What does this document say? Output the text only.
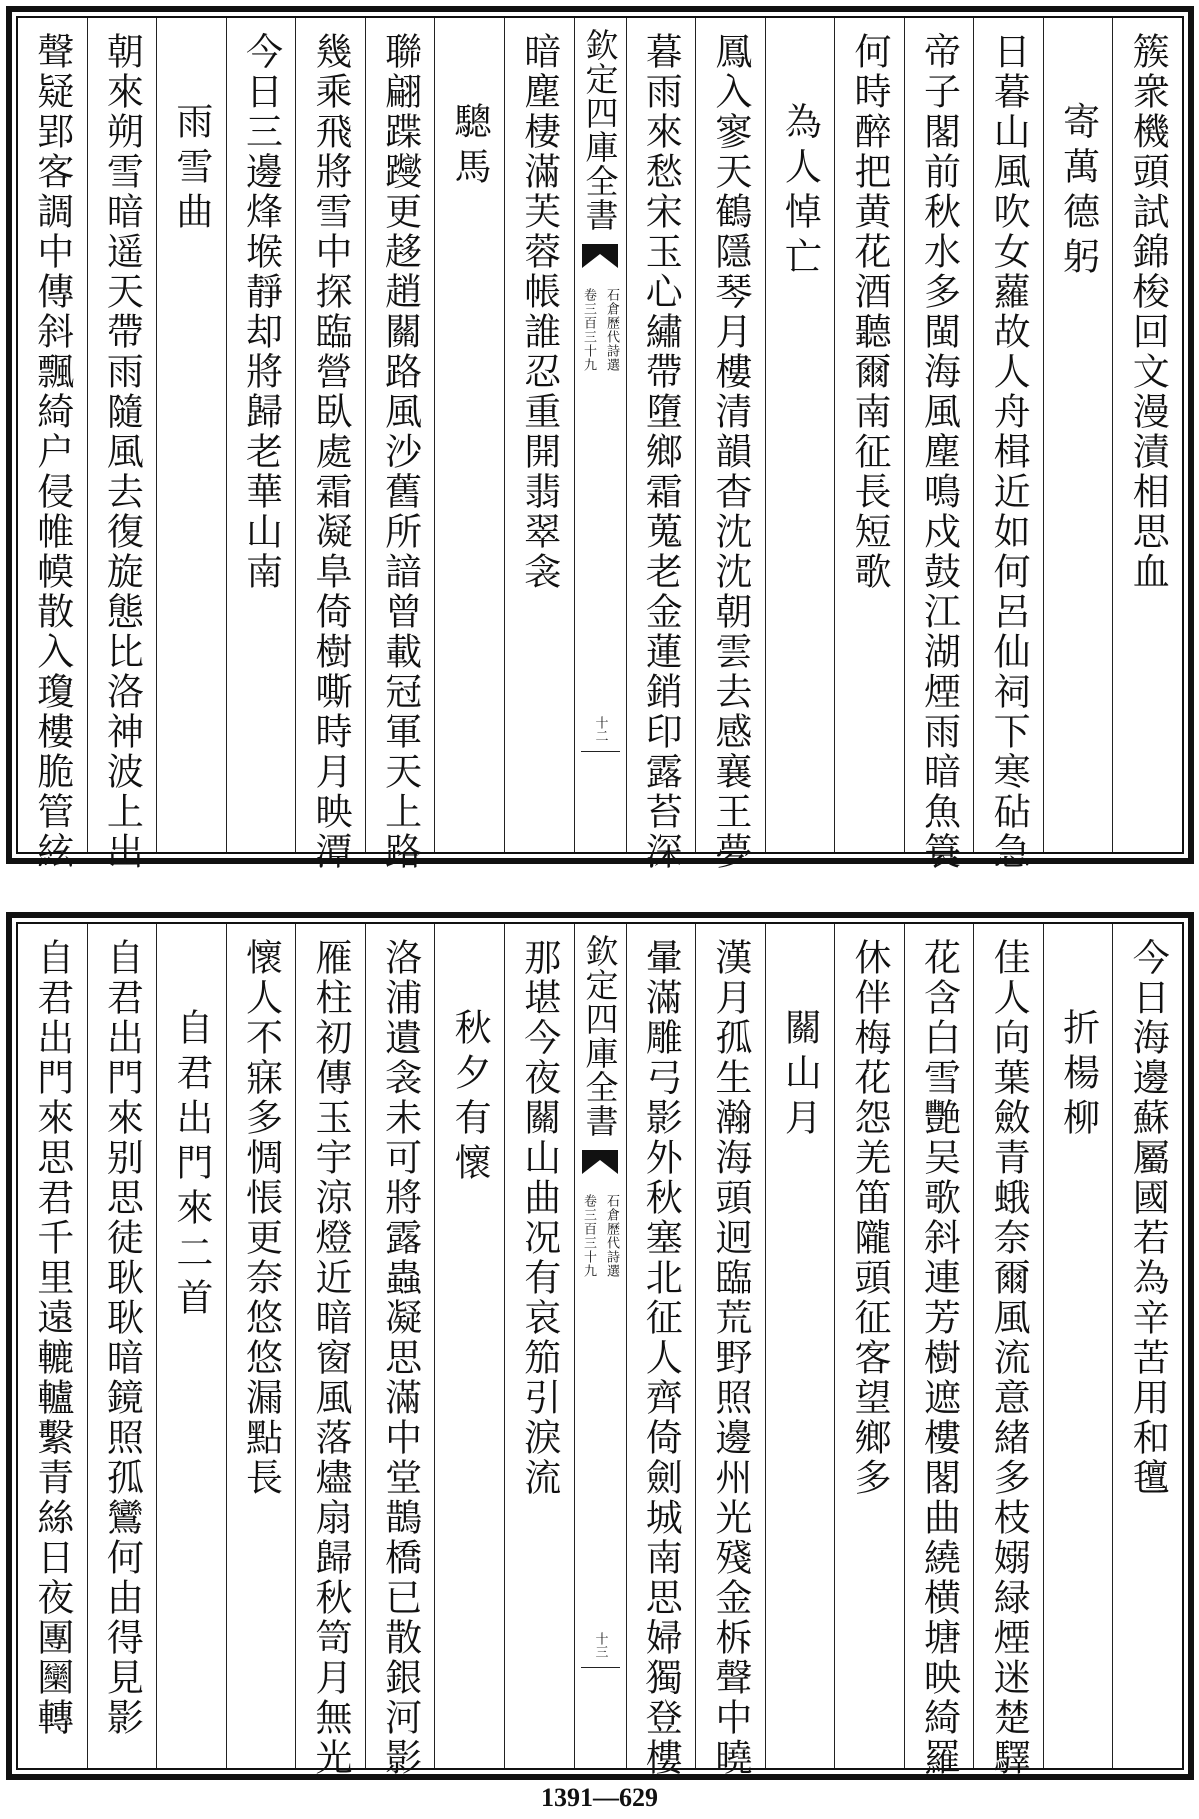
簇衆機頭試錦梭回文漫漬相思血
寄萬德躬
日暮山風吹女蘿故人舟楫近如何呂仙祠下寒砧急
帝子閣前秋水多閩海風塵鳴戍鼓江湖煙雨暗魚簑
何時醉把黄花酒聽爾南征長短歌
為人悼亡
鳳入寥天鶴隱琴月樓清韻杳沈沈朝雲去感襄王夢
暮雨來愁宋玉心繡帶墮鄉霜蒐老金蓮銷印露苔深
欽定四庫全書
石倉歷代詩選
卷三百三十九
十二
暗塵棲滿芙蓉帳誰忍重開翡翠衾
驄馬
聯翩蹀躞更趍趙關路風沙舊所諳曾載冠軍天上路
幾乘飛將雪中探臨營臥處霜凝阜倚樹嘶時月映潭
今日三邊烽堠靜却將歸老華山南
雨雪曲
朝來朔雪暗遥天帶雨隨風去復旋態比洛神波上出
聲疑郢客調中傳斜飄綺户侵帷幙散入瓊樓脆管絃
今日海邊蘇屬國若為辛苦用和氊
折楊柳
佳人向葉斂青蛾奈爾風流意緒多枝嫋緑煙迷楚驛
花含白雪艷吴歌斜連芳樹遮樓閣曲繞横塘映綺羅
休伴梅花怨羌笛隴頭征客望鄉多
關山月
漢月孤生瀚海頭迥臨荒野照邊州光殘金柝聲中曉
暈滿雕弓影外秋塞北征人齊倚劍城南思婦獨登樓
欽定四庫全書
石倉歷代詩選
卷三百三十九
十三
那堪今夜關山曲况有哀笳引淚流
秋夕有懷
洛浦遺衾未可將露蟲凝思滿中堂鵲橋已散銀河影
雁柱初傳玉宇涼燈近暗窗風落燼扇歸秋笥月無光
懷人不寐多惆悵更奈悠悠漏點長
自君出門來二首
自君出門來别思徒耿耿暗鏡照孤鸞何由得見影
自君出門來思君千里遠轆轤繫青絲日夜團圞轉
1391—629
